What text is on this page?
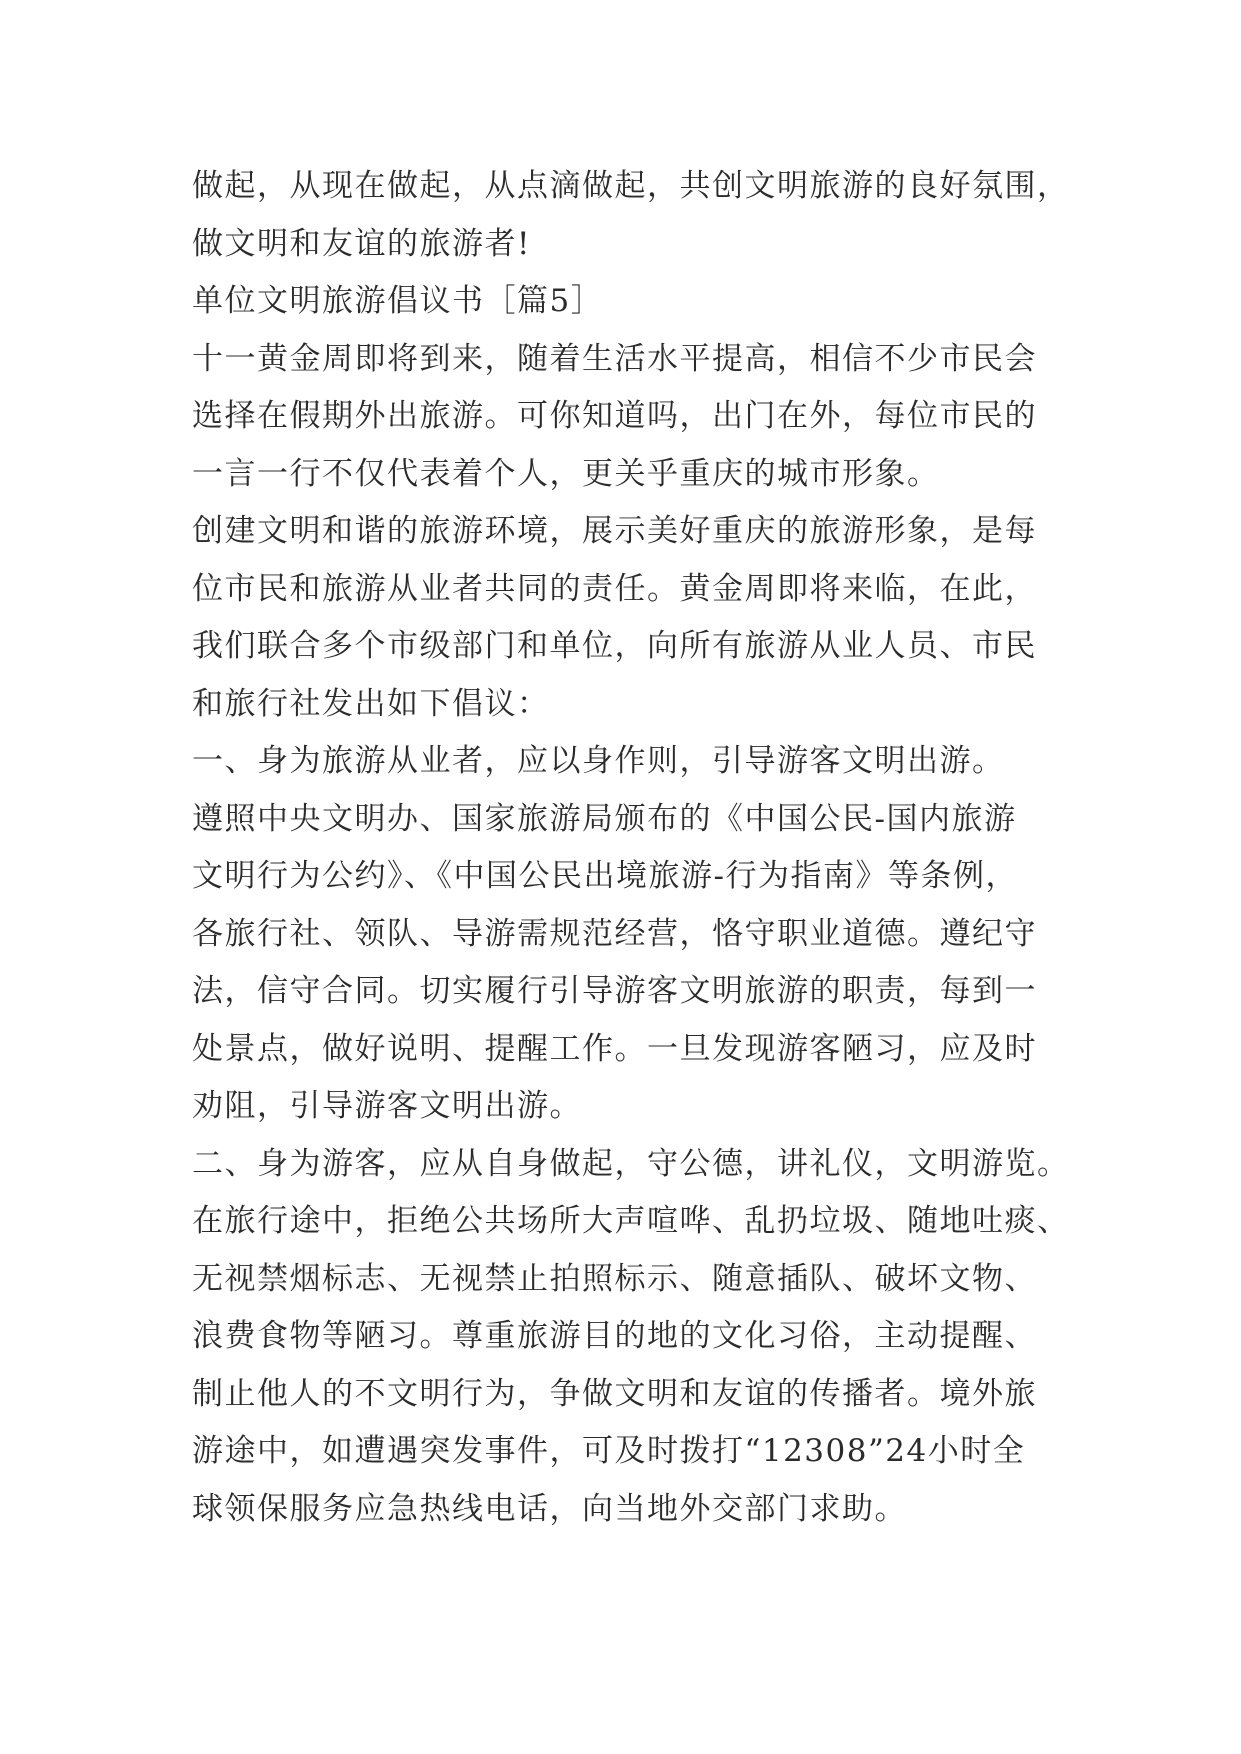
做起，从现在做起，从点滴做起，共创文明旅游的良好氛围，
做文明和友谊的旅游者!
单位文明旅游倡议书［篇5］
十一黄金周即将到来，随着生活水平提高，相信不少市民会
选择在假期外出旅游。可你知道吗，出门在外，每位市民的
一言一行不仅代表着个人，更关乎重庆的城市形象。
创建文明和谐的旅游环境，展示美好重庆的旅游形象，是每
位市民和旅游从业者共同的责任。黄金周即将来临，在此，
我们联合多个市级部门和单位，向所有旅游从业人员、市民
和旅行社发出如下倡议：
一、身为旅游从业者，应以身作则，引导游客文明出游。
遵照中央文明办、国家旅游局颁布的《中国公民-国内旅游
文明行为公约》、《中国公民出境旅游-行为指南》等条例，
各旅行社、领队、导游需规范经营，恪守职业道德。遵纪守
法，信守合同。切实履行引导游客文明旅游的职责，每到一
处景点，做好说明、提醒工作。一旦发现游客陋习，应及时
劝阻，引导游客文明出游。
二、身为游客，应从自身做起，守公德，讲礼仪，文明游览。
在旅行途中，拒绝公共场所大声喧哗、乱扔垃圾、随地吐痰、
无视禁烟标志、无视禁止拍照标示、随意插队、破坏文物、
浪费食物等陋习。尊重旅游目的地的文化习俗，主动提醒、
制止他人的不文明行为，争做文明和友谊的传播者。境外旅
游途中，如遭遇突发事件，可及时拨打“12308”24小时全
球领保服务应急热线电话，向当地外交部门求助。
